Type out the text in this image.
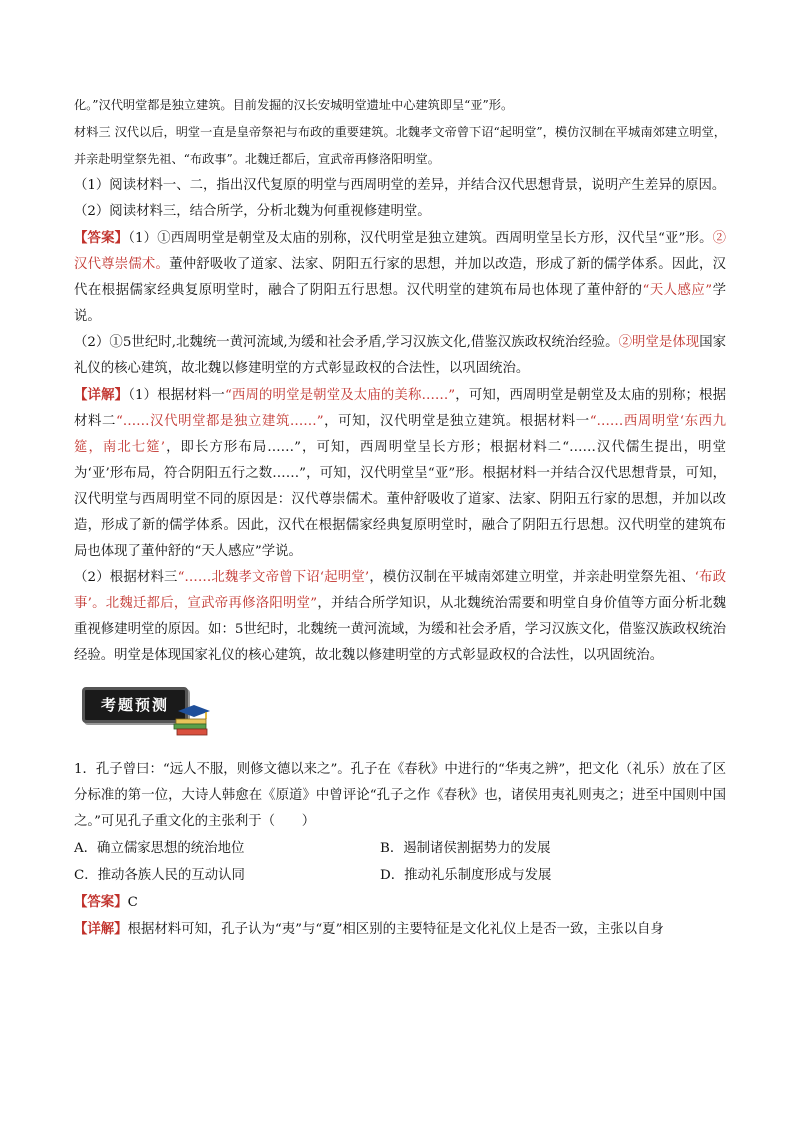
化。”汉代明堂都是独立建筑。目前发掘的汉长安城明堂遗址中心建筑即呈“亚”形。

材料三 汉代以后，明堂一直是皇帝祭祀与布政的重要建筑。北魏孝文帝曾下诏“起明堂”，模仿汉制在平城南郊建立明堂，并亲赴明堂祭先祖、“布政事”。北魏迁都后，宣武帝再修洛阳明堂。

（1）阅读材料一、二，指出汉代复原的明堂与西周明堂的差异，并结合汉代思想背景，说明产生差异的原因。

（2）阅读材料三，结合所学，分析北魏为何重视修建明堂。

【答案】（1）①西周明堂是朝堂及太庙的别称，汉代明堂是独立建筑。西周明堂呈长方形，汉代呈“亚”形。②汉代尊崇儒术。董仲舒吸收了道家、法家、阴阳五行家的思想，并加以改造，形成了新的儒学体系。因此，汉代在根据儒家经典复原明堂时，融合了阴阳五行思想。汉代明堂的建筑布局也体现了董仲舒的“天人感应”学说。

（2）①5世纪时,北魏统一黄河流域,为缓和社会矛盾,学习汉族文化,借鉴汉族政权统治经验。②明堂是体现国家礼仪的核心建筑，故北魏以修建明堂的方式彰显政权的合法性，以巩固统治。

【详解】（1）根据材料一“西周的明堂是朝堂及太庙的美称……”，可知，西周明堂是朝堂及太庙的别称；根据材料二“……汉代明堂都是独立建筑……”，可知，汉代明堂是独立建筑。根据材料一“……西周明堂‘东西九筵，南北七筵’，即长方形布局……”，可知，西周明堂呈长方形；根据材料二“……汉代儒生提出，明堂为‘亚’形布局，符合阴阳五行之数……”，可知，汉代明堂呈“亚”形。根据材料一并结合汉代思想背景，可知，汉代明堂与西周明堂不同的原因是：汉代尊崇儒术。董仲舒吸收了道家、法家、阴阳五行家的思想，并加以改造，形成了新的儒学体系。因此，汉代在根据儒家经典复原明堂时，融合了阴阳五行思想。汉代明堂的建筑布局也体现了董仲舒的“天人感应”学说。

（2）根据材料三“……北魏孝文帝曾下诏‘起明堂’，模仿汉制在平城南郊建立明堂，并亲赴明堂祭先祖、‘布政事’。北魏迁都后，宣武帝再修洛阳明堂”，并结合所学知识，从北魏统治需要和明堂自身价值等方面分析北魏重视修建明堂的原因。如：5世纪时，北魏统一黄河流域，为缓和社会矛盾，学习汉族文化，借鉴汉族政权统治经验。明堂是体现国家礼仪的核心建筑，故北魏以修建明堂的方式彰显政权的合法性，以巩固统治。

考题预测

1．孔子曾曰：“远人不服，则修文德以来之”。孔子在《春秋》中进行的“华夷之辨”，把文化（礼乐）放在了区分标准的第一位，大诗人韩愈在《原道》中曾评论“孔子之作《春秋》也，诸侯用夷礼则夷之；进至中国则中国之。”可见孔子重文化的主张利于（　　）

A．确立儒家思想的统治地位	B．遏制诸侯割据势力的发展
C．推动各族人民的互动认同	D．推动礼乐制度形成与发展

【答案】C

【详解】根据材料可知，孔子认为“夷”与“夏”相区别的主要特征是文化礼仪上是否一致，主张以自身
